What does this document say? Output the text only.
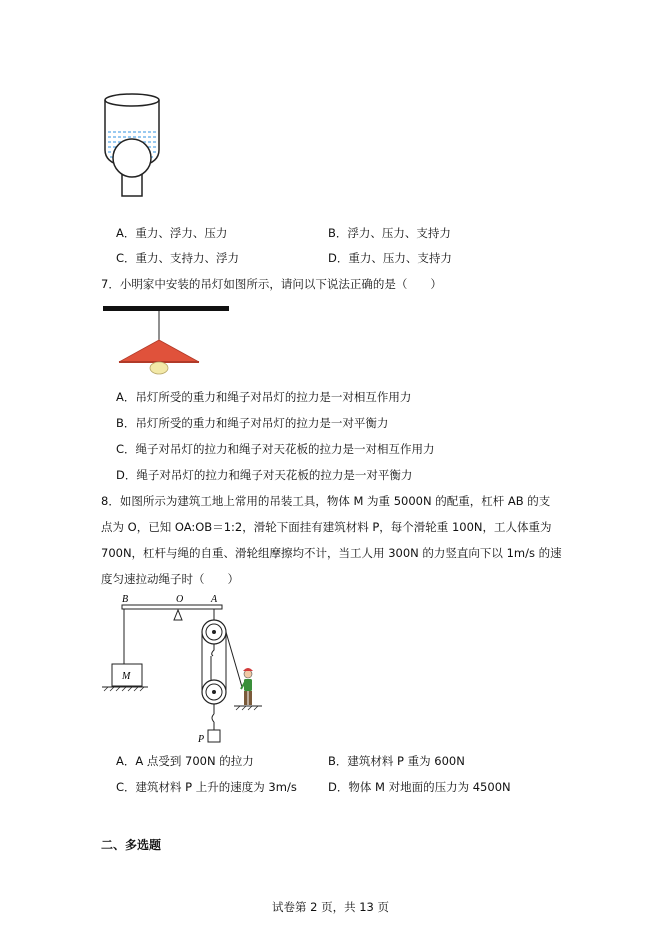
A．重力、浮力、压力	B．浮力、压力、支持力
C．重力、支持力、浮力	D．重力、压力、支持力
7．小明家中安装的吊灯如图所示，请问以下说法正确的是（　　）
A．吊灯所受的重力和绳子对吊灯的拉力是一对相互作用力
B．吊灯所受的重力和绳子对吊灯的拉力是一对平衡力
C．绳子对吊灯的拉力和绳子对天花板的拉力是一对相互作用力
D．绳子对吊灯的拉力和绳子对天花板的拉力是一对平衡力
8．如图所示为建筑工地上常用的吊装工具，物体 M 为重 5000N 的配重，杠杆 AB 的支
点为 O，已知 OA:OB＝1:2，滑轮下面挂有建筑材料 P，每个滑轮重 100N，工人体重为
700N，杠杆与绳的自重、滑轮组摩擦均不计，当工人用 300N 的力竖直向下以 1m/s 的速
度匀速拉动绳子时（　　）
B	O	A
M
P
A．A 点受到 700N 的拉力	B．建筑材料 P 重为 600N
C．建筑材料 P 上升的速度为 3m/s	D．物体 M 对地面的压力为 4500N
二、多选题
试卷第 2 页，共 13 页
